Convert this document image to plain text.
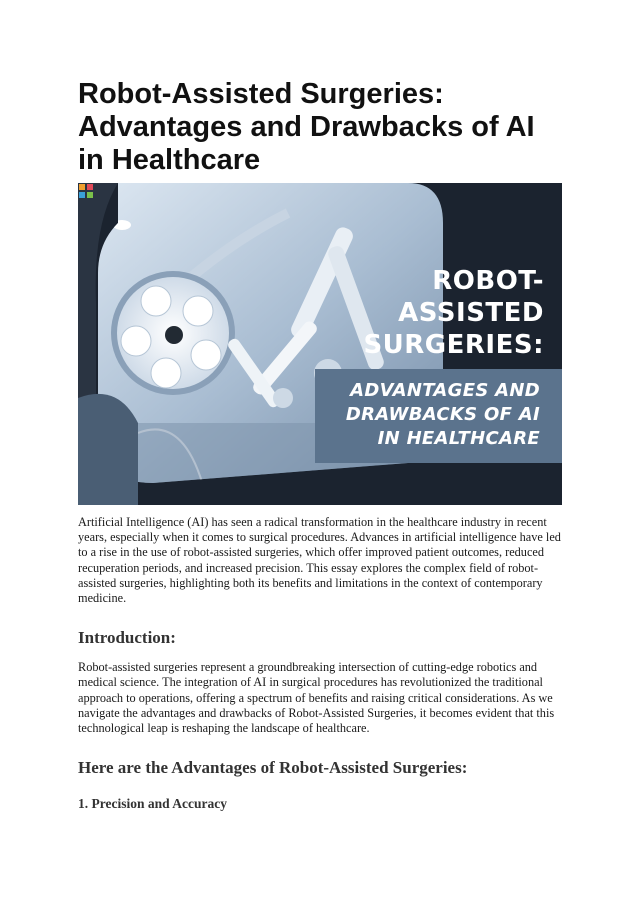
Robot-Assisted Surgeries: Advantages and Drawbacks of AI in Healthcare
ROBOT-
ASSISTED
SURGERIES:
ADVANTAGES AND
DRAWBACKS OF AI
IN HEALTHCARE

Artificial Intelligence (AI) has seen a radical transformation in the healthcare industry in recent years, especially when it comes to surgical procedures. Advances in artificial intelligence have led to a rise in the use of robot-assisted surgeries, which offer improved patient outcomes, reduced recuperation periods, and increased precision. This essay explores the complex field of robot-assisted surgeries, highlighting both its benefits and limitations in the context of contemporary medicine.

Introduction:

Robot-assisted surgeries represent a groundbreaking intersection of cutting-edge robotics and medical science. The integration of AI in surgical procedures has revolutionized the traditional approach to operations, offering a spectrum of benefits and raising critical considerations. As we navigate the advantages and drawbacks of Robot-Assisted Surgeries, it becomes evident that this technological leap is reshaping the landscape of healthcare.

Here are the Advantages of Robot-Assisted Surgeries:
1. Precision and Accuracy
